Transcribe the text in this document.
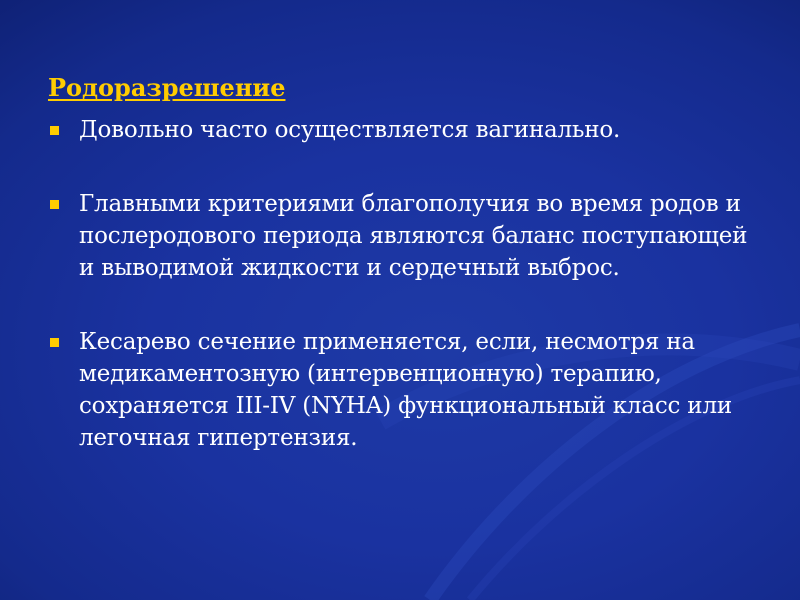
Родоразрешение
Довольно часто осуществляется вагинально.
Главными критериями благополучия во время родов и послеродового периода являются баланс поступающей и выводимой жидкости и сердечный выброс.
Кесарево сечение применяется, если, несмотря на медикаментозную (интервенционную) терапию, сохраняется III-IV (NYHA) функциональный класс или легочная гипертензия.
